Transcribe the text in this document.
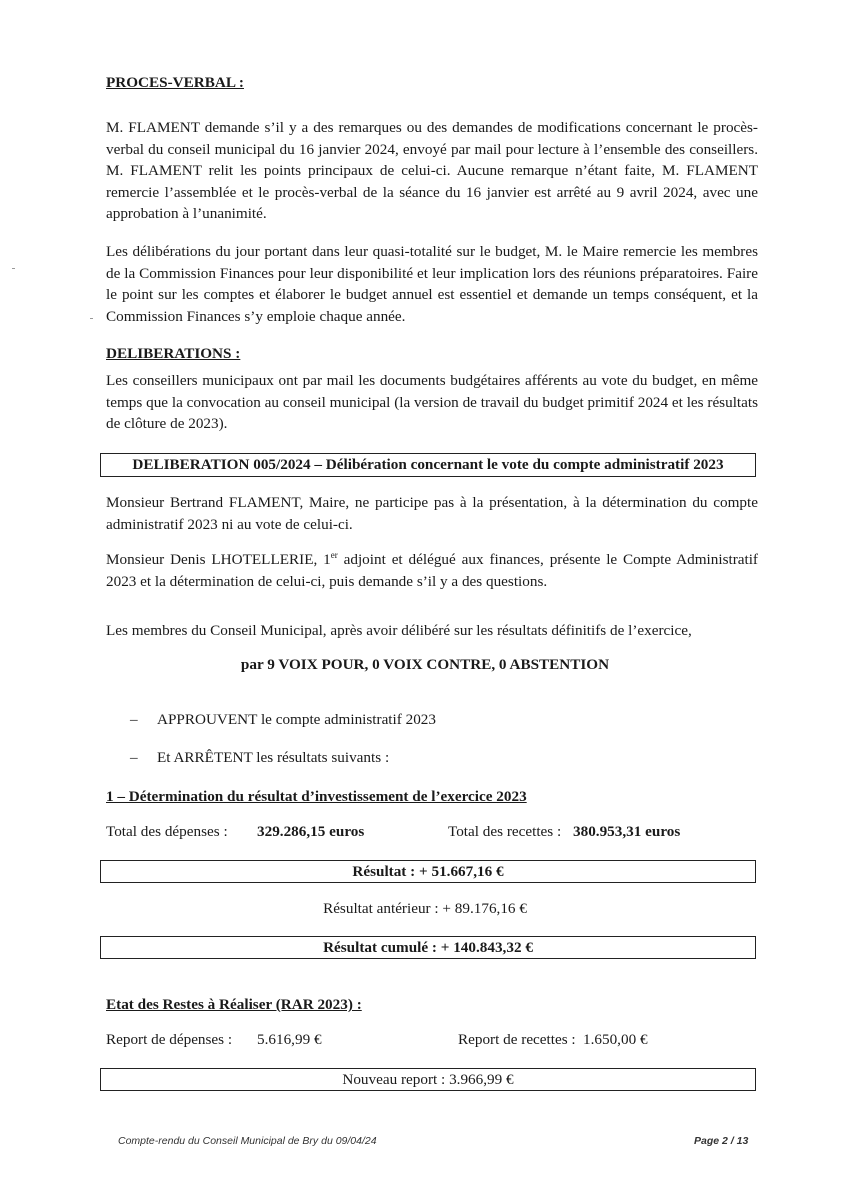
PROCES-VERBAL :
M. FLAMENT demande s’il y a des remarques ou des demandes de modifications concernant le procès-verbal du conseil municipal du 16 janvier 2024, envoyé par mail pour lecture à l’ensemble des conseillers. M. FLAMENT relit les points principaux de celui-ci. Aucune remarque n’étant faite, M. FLAMENT remercie l’assemblée et le procès-verbal de la séance du 16 janvier est arrêté au 9 avril 2024, avec une approbation à l’unanimité.
Les délibérations du jour portant dans leur quasi-totalité sur le budget, M. le Maire remercie les membres de la Commission Finances pour leur disponibilité et leur implication lors des réunions préparatoires. Faire le point sur les comptes et élaborer le budget annuel est essentiel et demande un temps conséquent, et la Commission Finances s’y emploie chaque année.
DELIBERATIONS :
Les conseillers municipaux ont par mail les documents budgétaires afférents au vote du budget, en même temps que la convocation au conseil municipal (la version de travail du budget primitif 2024 et les résultats de clôture de 2023).
DELIBERATION 005/2024 – Délibération concernant le vote du compte administratif 2023
Monsieur Bertrand FLAMENT, Maire, ne participe pas à la présentation, à la détermination du compte administratif 2023 ni au vote de celui-ci.
Monsieur Denis LHOTELLERIE, 1er adjoint et délégué aux finances, présente le Compte Administratif 2023 et la détermination de celui-ci, puis demande s’il y a des questions.
Les membres du Conseil Municipal, après avoir délibéré sur les résultats définitifs de l’exercice,
par 9 VOIX POUR, 0 VOIX CONTRE, 0 ABSTENTION
– APPROUVENT le compte administratif 2023
– Et ARRÊTENT les résultats suivants :
1 – Détermination du résultat d’investissement de l’exercice 2023
Total des dépenses : 329.286,15 euros	Total des recettes : 380.953,31 euros
Résultat : + 51.667,16 €
Résultat antérieur : + 89.176,16 €
Résultat cumulé : + 140.843,32 €
Etat des Restes à Réaliser (RAR 2023) :
Report de dépenses : 5.616,99 €	Report de recettes : 1.650,00 €
Nouveau report : 3.966,99 €
Compte-rendu du Conseil Municipal de Bry du 09/04/24	Page 2 / 13
